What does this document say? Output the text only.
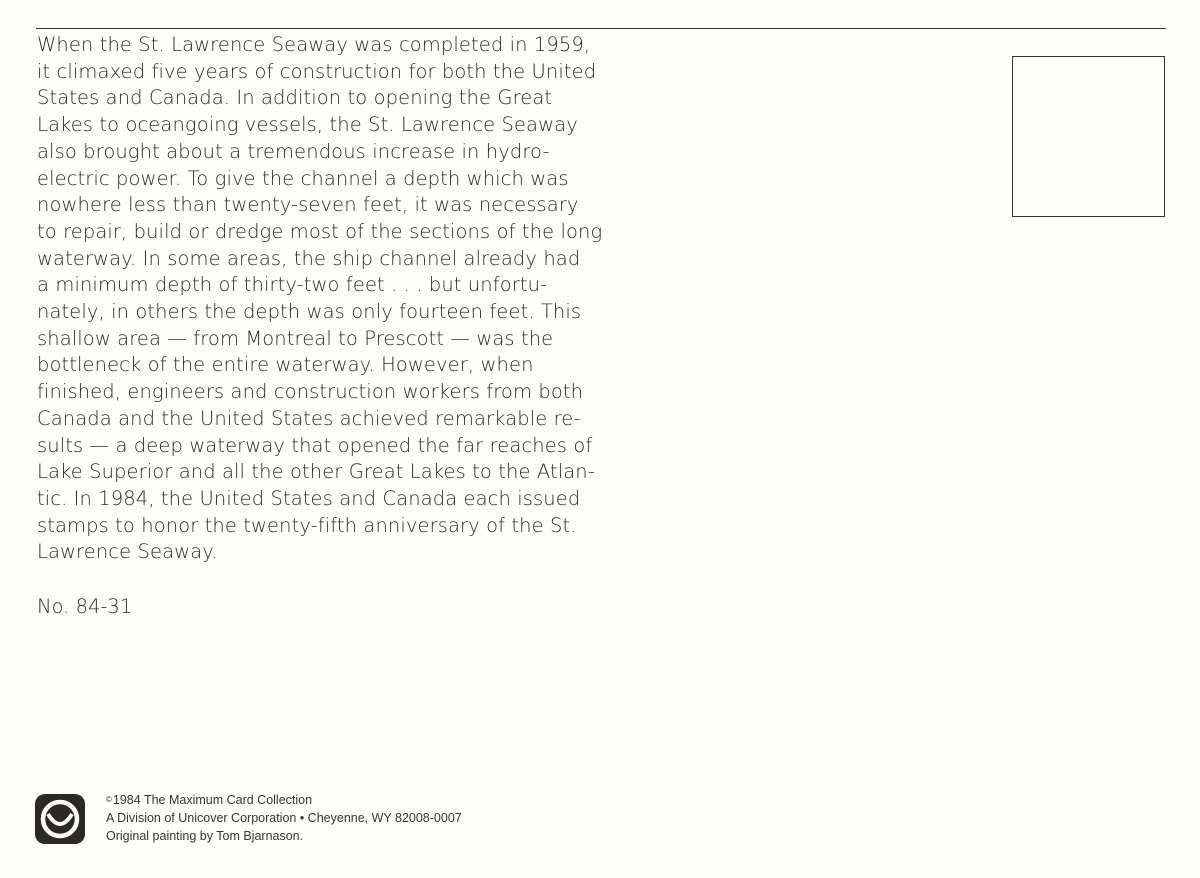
When the St. Lawrence Seaway was completed in 1959,
it climaxed five years of construction for both the United
States and Canada. In addition to opening the Great
Lakes to oceangoing vessels, the St. Lawrence Seaway
also brought about a tremendous increase in hydro-
electric power. To give the channel a depth which was
nowhere less than twenty-seven feet, it was necessary
to repair, build or dredge most of the sections of the long
waterway. In some areas, the ship channel already had
a minimum depth of thirty-two feet . . . but unfortu-
nately, in others the depth was only fourteen feet. This
shallow area — from Montreal to Prescott — was the
bottleneck of the entire waterway. However, when
finished, engineers and construction workers from both
Canada and the United States achieved remarkable re-
sults — a deep waterway that opened the far reaches of
Lake Superior and all the other Great Lakes to the Atlan-
tic. In 1984, the United States and Canada each issued
stamps to honor the twenty-fifth anniversary of the St.
Lawrence Seaway.
No. 84-31
©1984 The Maximum Card Collection
A Division of Unicover Corporation • Cheyenne, WY 82008-0007
Original painting by Tom Bjarnason.
